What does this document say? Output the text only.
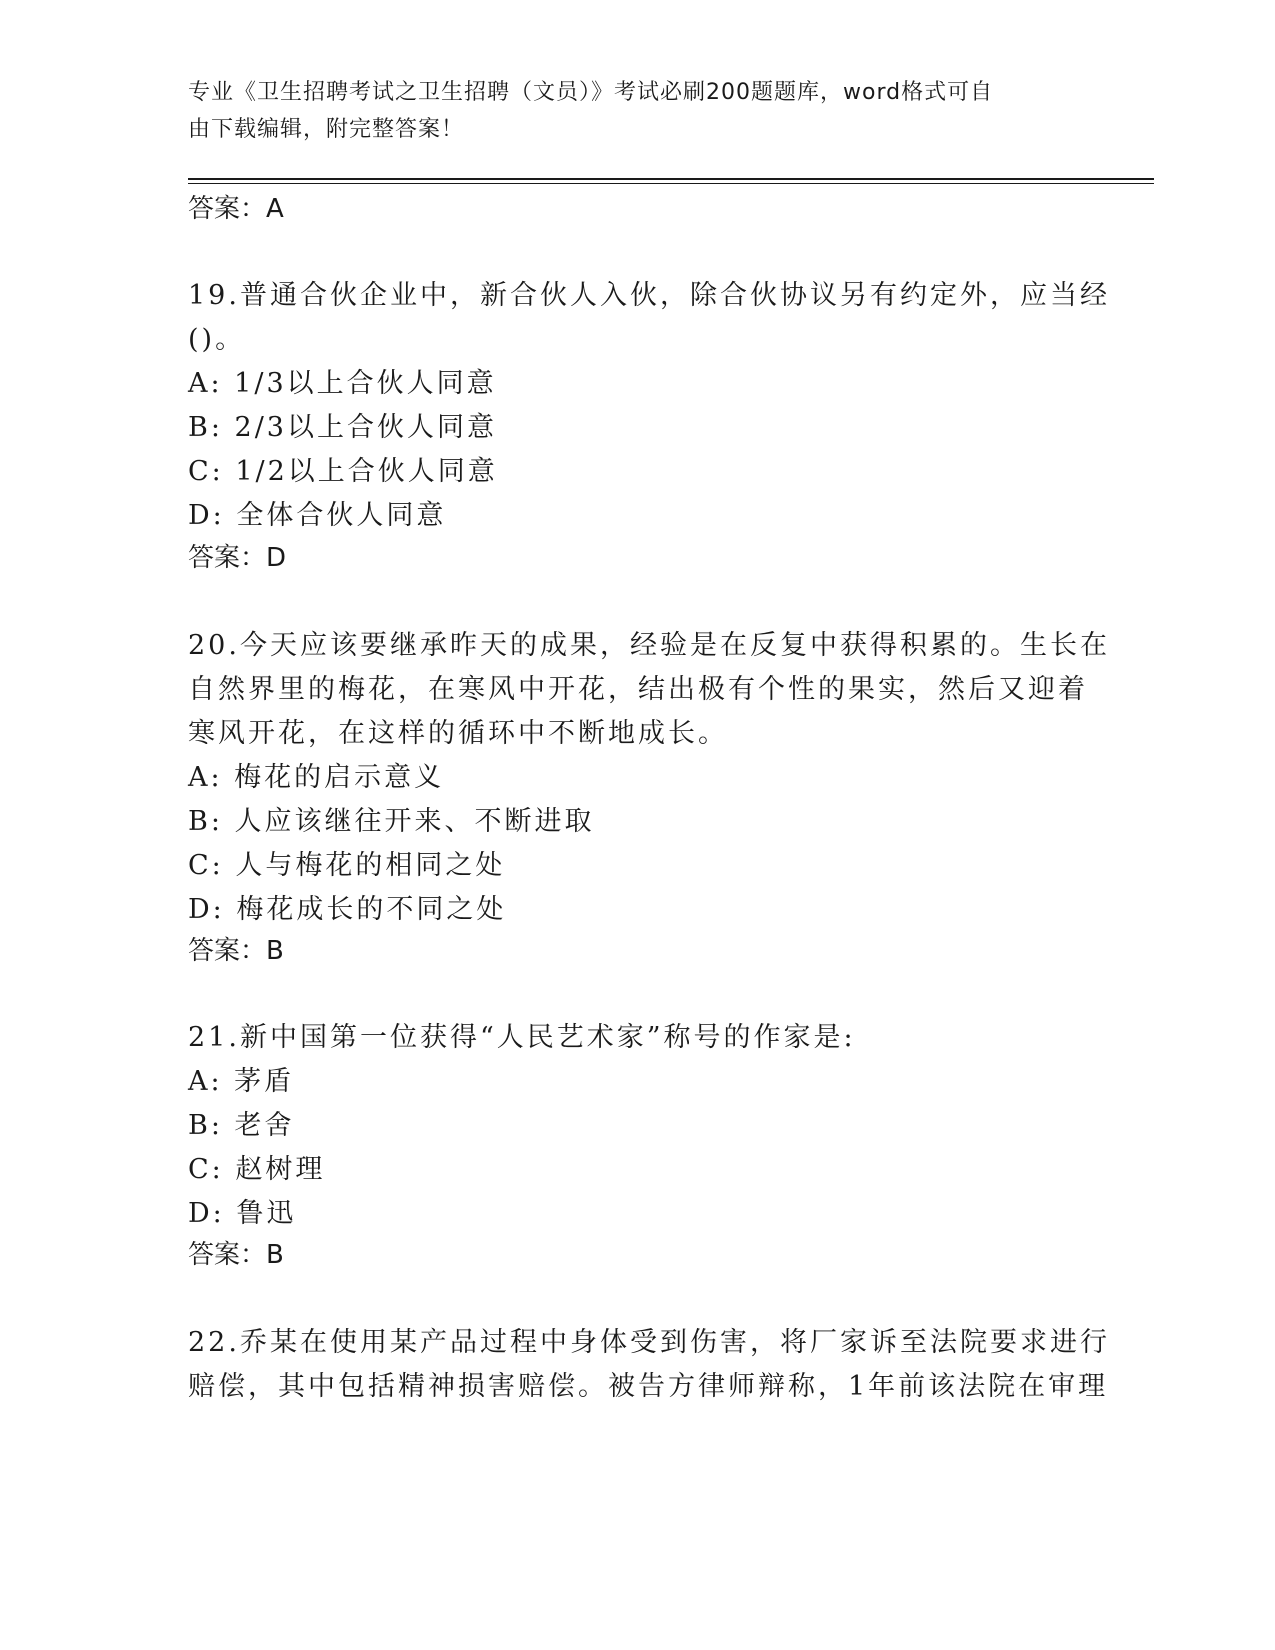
专业《卫生招聘考试之卫生招聘（文员）》考试必刷200题题库，word格式可自
由下载编辑，附完整答案！
答案：A
19.普通合伙企业中，新合伙人入伙，除合伙协议另有约定外，应当经
()。
A: 1/3以上合伙人同意
B: 2/3以上合伙人同意
C: 1/2以上合伙人同意
D: 全体合伙人同意
答案：D
20.今天应该要继承昨天的成果，经验是在反复中获得积累的。生长在
自然界里的梅花，在寒风中开花，结出极有个性的果实，然后又迎着
寒风开花，在这样的循环中不断地成长。
A: 梅花的启示意义
B: 人应该继往开来、不断进取
C: 人与梅花的相同之处
D: 梅花成长的不同之处
答案：B
21.新中国第一位获得“人民艺术家”称号的作家是:
A: 茅盾
B: 老舍
C: 赵树理
D: 鲁迅
答案：B
22.乔某在使用某产品过程中身体受到伤害，将厂家诉至法院要求进行
赔偿，其中包括精神损害赔偿。被告方律师辩称，1年前该法院在审理
